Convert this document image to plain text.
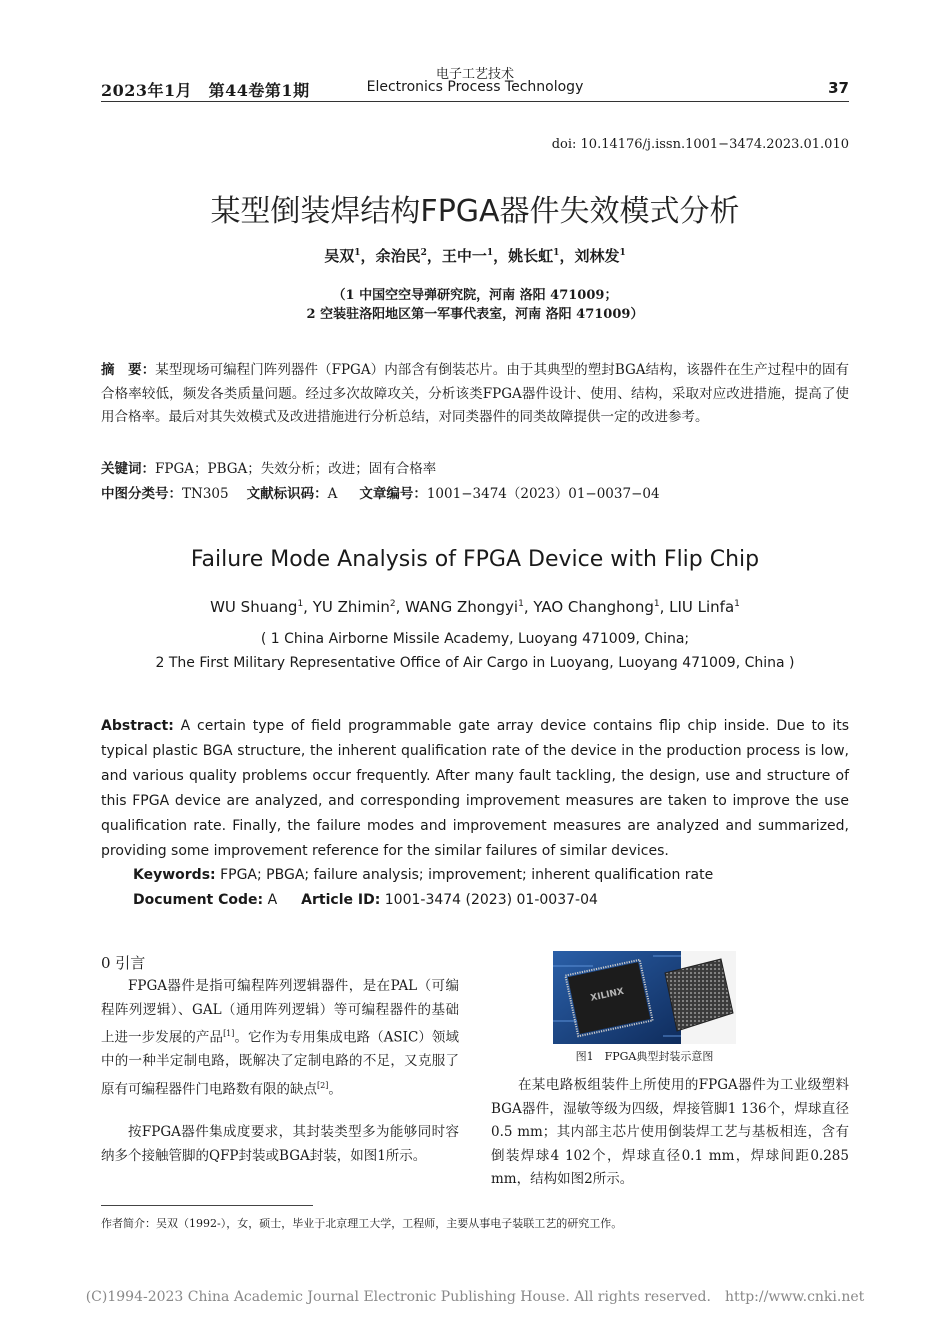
2023年1月　第44卷第1期
电子工艺技术
Electronics Process Technology	37
doi: 10.14176/j.issn.1001−3474.2023.01.010
某型倒装焊结构FPGA器件失效模式分析
吴双$^1$，余治民$^2$，王中一$^1$，姚长虹$^1$，刘林发$^1$
（1 中国空空导弹研究院，河南 洛阳 471009；
2 空装驻洛阳地区第一军事代表室，河南 洛阳 471009）
摘　要：某型现场可编程门阵列器件（FPGA）内部含有倒装芯片。由于其典型的塑封BGA结构，该器件在生产过程中的固有合格率较低，频发各类质量问题。经过多次故障攻关，分析该类FPGA器件设计、使用、结构，采取对应改进措施，提高了使用合格率。最后对其失效模式及改进措施进行分析总结，对同类器件的同类故障提供一定的改进参考。
关键词：FPGA；PBGA；失效分析；改进；固有合格率
中图分类号：TN305 文献标识码：A 文章编号：1001−3474（2023）01−0037−04
Failure Mode Analysis of FPGA Device with Flip Chip
WU Shuang$^1$, YU Zhimin$^2$, WANG Zhongyi$^1$, YAO Changhong$^1$, LIU Linfa$^1$
( 1 China Airborne Missile Academy, Luoyang 471009, China;
2 The First Military Representative Office of Air Cargo in Luoyang, Luoyang 471009, China )
Abstract: A certain type of field programmable gate array device contains flip chip inside. Due to its typical plastic BGA structure, the inherent qualification rate of the device in the production process is low, and various quality problems occur frequently. After many fault tackling, the design, use and structure of this FPGA device are analyzed, and corresponding improvement measures are taken to improve the use qualification rate. Finally, the failure modes and improvement measures are analyzed and summarized, providing some improvement reference for the similar failures of similar devices.
Keywords: FPGA; PBGA; failure analysis; improvement; inherent qualification rate
Document Code: A Article ID: 1001-3474 (2023) 01-0037-04
0 引言
FPGA器件是指可编程阵列逻辑器件，是在PAL（可编程阵列逻辑）、GAL（通用阵列逻辑）等可编程器件的基础上进一步发展的产品[1]。它作为专用集成电路（ASIC）领域中的一种半定制电路，既解决了定制电路的不足，又克服了原有可编程器件门电路数有限的缺点[2]。
按FPGA器件集成度要求，其封装类型多为能够同时容纳多个接触管脚的QFP封装或BGA封装，如图1所示。
XILINX
图1　FPGA典型封装示意图
在某电路板组装件上所使用的FPGA器件为工业级塑料BGA器件，湿敏等级为四级，焊接管脚1 136个，焊球直径0.5 mm；其内部主芯片使用倒装焊工艺与基板相连，含有倒装焊球4 102个，焊球直径0.1 mm，焊球间距0.285 mm，结构如图2所示。
作者简介：吴双（1992-），女，硕士，毕业于北京理工大学，工程师，主要从事电子装联工艺的研究工作。
(C)1994-2023 China Academic Journal Electronic Publishing House. All rights reserved.　http://www.cnki.net
